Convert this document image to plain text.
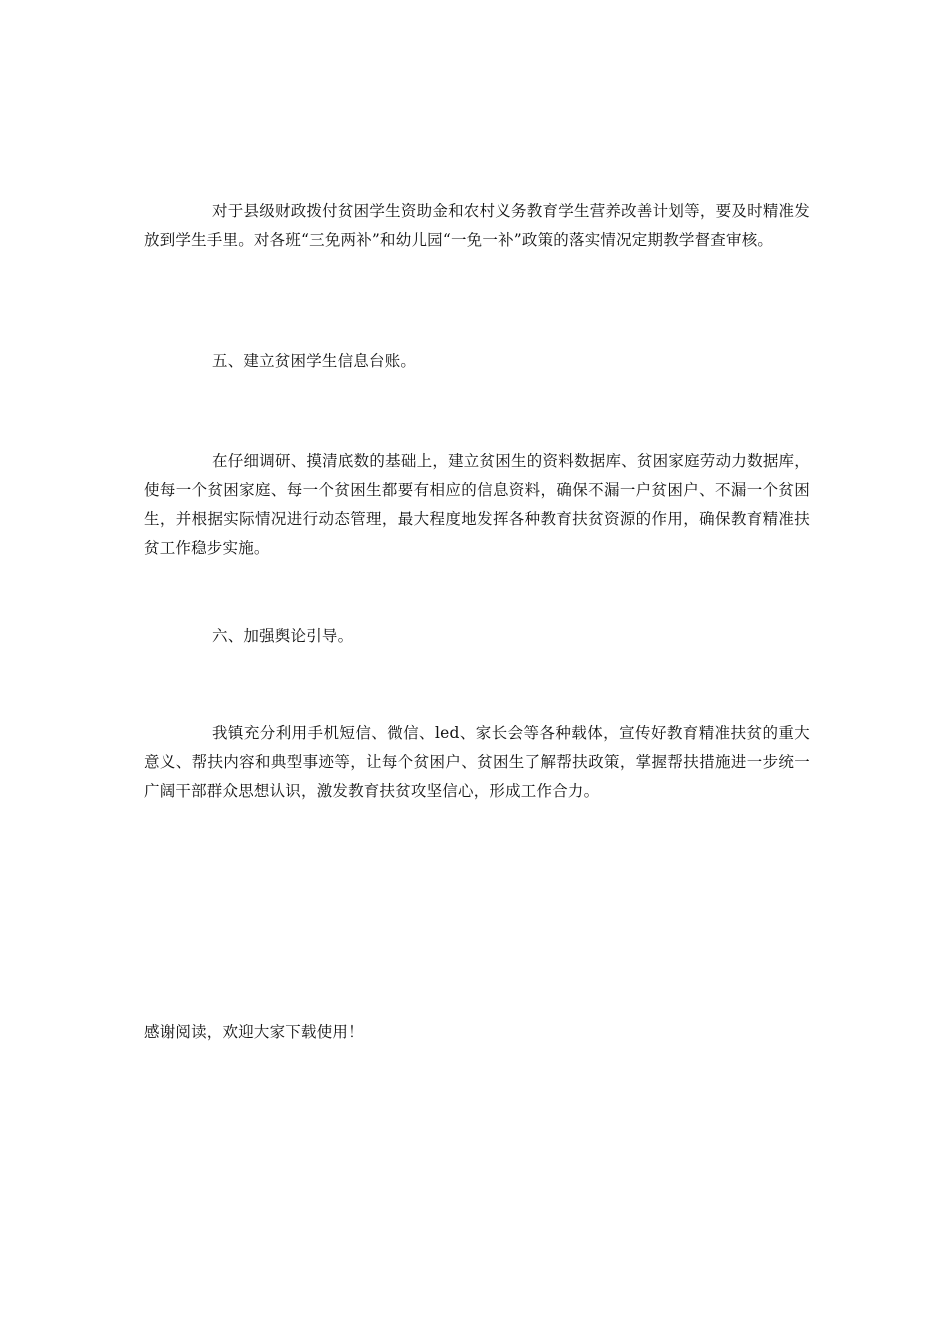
对于县级财政拨付贫困学生资助金和农村义务教育学生营养改善计划等，要及时精准发放到学生手里。对各班“三免两补”和幼儿园“一免一补”政策的落实情况定期教学督查审核。

五、建立贫困学生信息台账。

在仔细调研、摸清底数的基础上，建立贫困生的资料数据库、贫困家庭劳动力数据库，使每一个贫困家庭、每一个贫困生都要有相应的信息资料，确保不漏一户贫困户、不漏一个贫困生，并根据实际情况进行动态管理，最大程度地发挥各种教育扶贫资源的作用，确保教育精准扶贫工作稳步实施。

六、加强舆论引导。

我镇充分利用手机短信、微信、led、家长会等各种载体，宣传好教育精准扶贫的重大意义、帮扶内容和典型事迹等，让每个贫困户、贫困生了解帮扶政策，掌握帮扶措施进一步统一广阔干部群众思想认识，激发教育扶贫攻坚信心，形成工作合力。

感谢阅读，欢迎大家下载使用！
